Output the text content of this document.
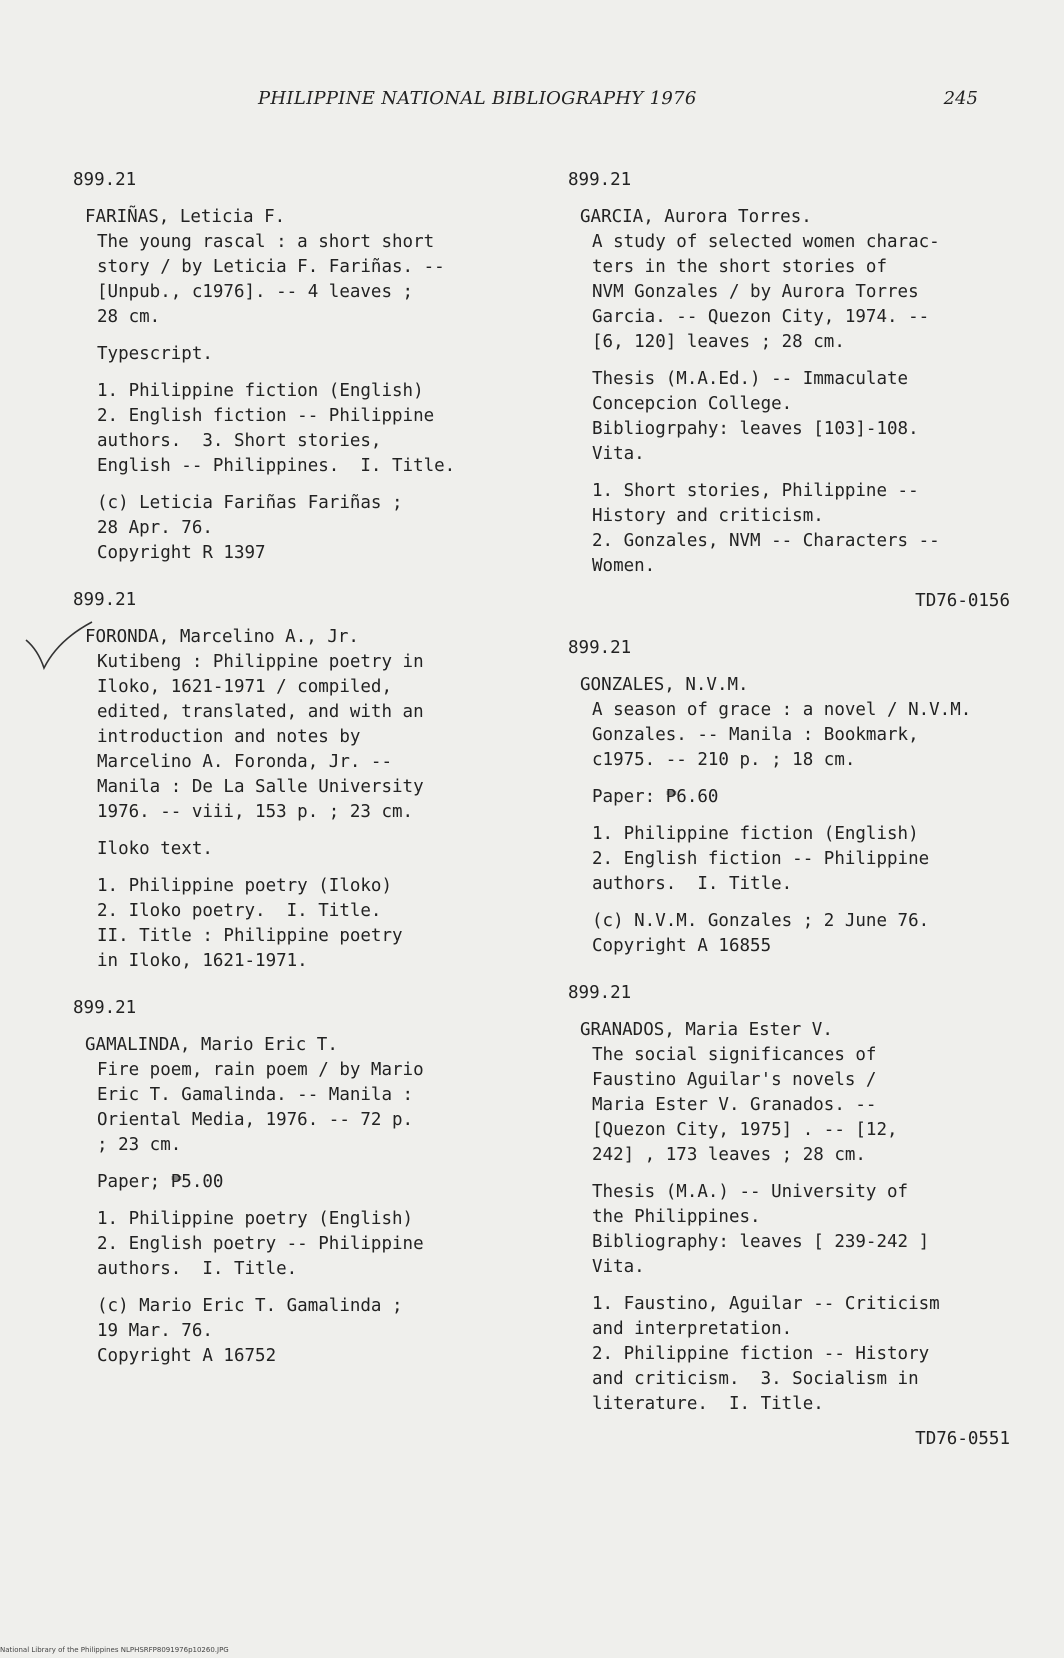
PHILIPPINE NATIONAL BIBLIOGRAPHY 1976	245
899.21
FARIÑAS, Leticia F.
The young rascal : a short short
story / by Leticia F. Fariñas. --
[Unpub., c1976]. -- 4 leaves ;
28 cm.
Typescript.
1. Philippine fiction (English)
2. English fiction -- Philippine
authors.  3. Short stories,
English -- Philippines.  I. Title.
(c) Leticia Fariñas Fariñas ;
28 Apr. 76.
Copyright R 1397
899.21
FORONDA, Marcelino A., Jr.
Kutibeng : Philippine poetry in
Iloko, 1621-1971 / compiled,
edited, translated, and with an
introduction and notes by
Marcelino A. Foronda, Jr. --
Manila : De La Salle University
1976. -- viii, 153 p. ; 23 cm.
Iloko text.
1. Philippine poetry (Iloko)
2. Iloko poetry.  I. Title.
II. Title : Philippine poetry
in Iloko, 1621-1971.
899.21
GAMALINDA, Mario Eric T.
Fire poem, rain poem / by Mario
Eric T. Gamalinda. -- Manila :
Oriental Media, 1976. -- 72 p.
; 23 cm.
Paper; ₱5.00
1. Philippine poetry (English)
2. English poetry -- Philippine
authors.  I. Title.
(c) Mario Eric T. Gamalinda ;
19 Mar. 76.
Copyright A 16752
899.21
GARCIA, Aurora Torres.
A study of selected women charac-
ters in the short stories of
NVM Gonzales / by Aurora Torres
Garcia. -- Quezon City, 1974. --
[6, 120] leaves ; 28 cm.
Thesis (M.A.Ed.) -- Immaculate
Concepcion College.
Bibliogrpahy: leaves [103]-108.
Vita.
1. Short stories, Philippine --
History and criticism.
2. Gonzales, NVM -- Characters --
Women.
TD76-0156
899.21
GONZALES, N.V.M.
A season of grace : a novel / N.V.M.
Gonzales. -- Manila : Bookmark,
c1975. -- 210 p. ; 18 cm.
Paper: ₱6.60
1. Philippine fiction (English)
2. English fiction -- Philippine
authors.  I. Title.
(c) N.V.M. Gonzales ; 2 June 76.
Copyright A 16855
899.21
GRANADOS, Maria Ester V.
The social significances of
Faustino Aguilar's novels /
Maria Ester V. Granados. --
[Quezon City, 1975] . -- [12,
242] , 173 leaves ; 28 cm.
Thesis (M.A.) -- University of
the Philippines.
Bibliography: leaves [ 239-242 ]
Vita.
1. Faustino, Aguilar -- Criticism
and interpretation.
2. Philippine fiction -- History
and criticism.  3. Socialism in
literature.  I. Title.
TD76-0551
National Library of the Philippines NLPHSRFP8091976p10260.JPG
